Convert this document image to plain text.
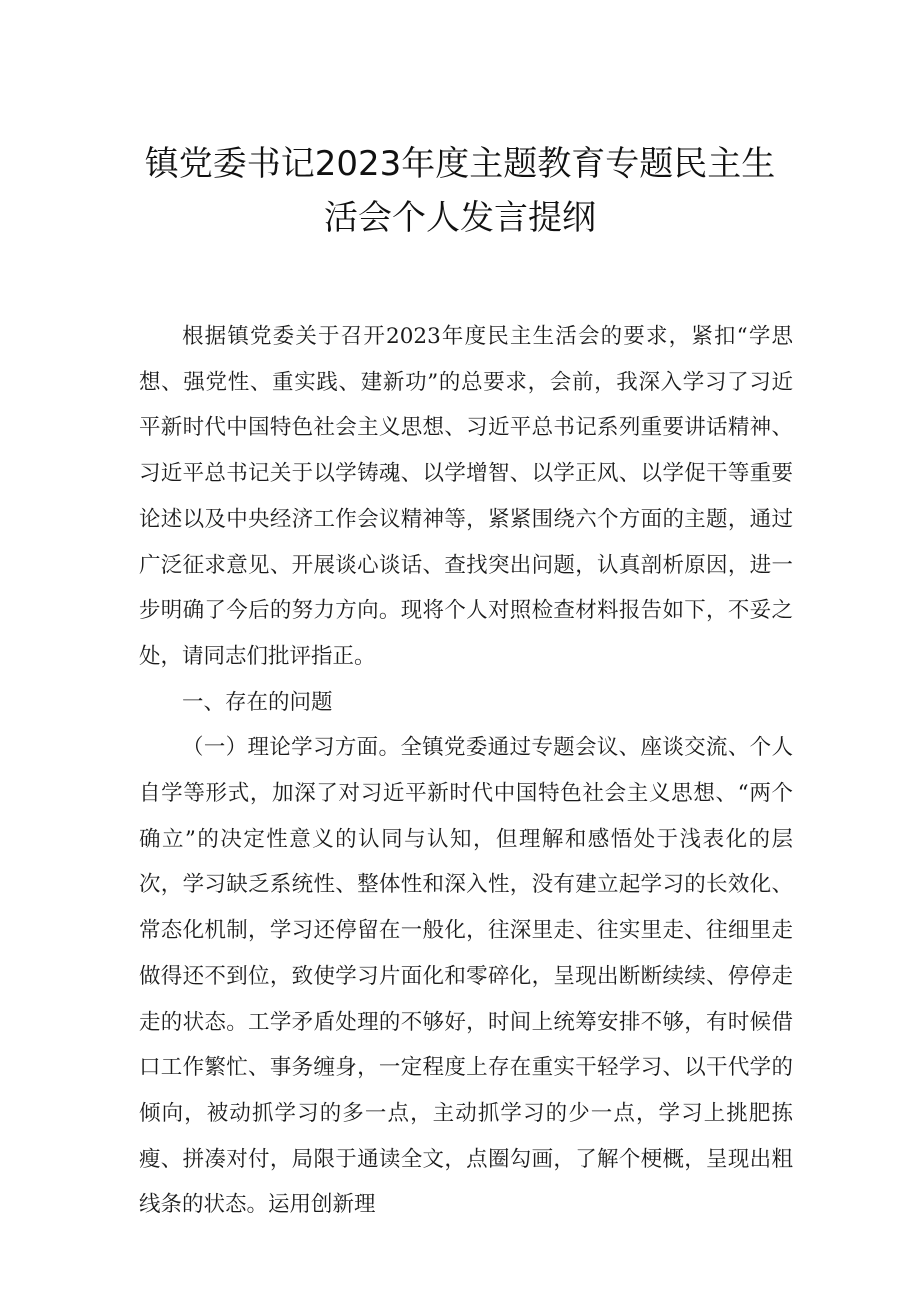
镇党委书记2023年度主题教育专题民主生
活会个人发言提纲

根据镇党委关于召开2023年度民主生活会的要求，紧扣“学思想、强党性、重实践、建新功”的总要求，会前，我深入学习了习近平新时代中国特色社会主义思想、习近平总书记系列重要讲话精神、习近平总书记关于以学铸魂、以学增智、以学正风、以学促干等重要论述以及中央经济工作会议精神等，紧紧围绕六个方面的主题，通过广泛征求意见、开展谈心谈话、查找突出问题，认真剖析原因，进一步明确了今后的努力方向。现将个人对照检查材料报告如下，不妥之处，请同志们批评指正。

一、存在的问题

（一）理论学习方面。全镇党委通过专题会议、座谈交流、个人自学等形式，加深了对习近平新时代中国特色社会主义思想、“两个确立”的决定性意义的认同与认知，但理解和感悟处于浅表化的层次，学习缺乏系统性、整体性和深入性，没有建立起学习的长效化、常态化机制，学习还停留在一般化，往深里走、往实里走、往细里走做得还不到位，致使学习片面化和零碎化，呈现出断断续续、停停走走的状态。工学矛盾处理的不够好，时间上统筹安排不够，有时候借口工作繁忙、事务缠身，一定程度上存在重实干轻学习、以干代学的倾向，被动抓学习的多一点，主动抓学习的少一点，学习上挑肥拣瘦、拼凑对付，局限于通读全文，点圈勾画，了解个梗概，呈现出粗线条的状态。运用创新理
